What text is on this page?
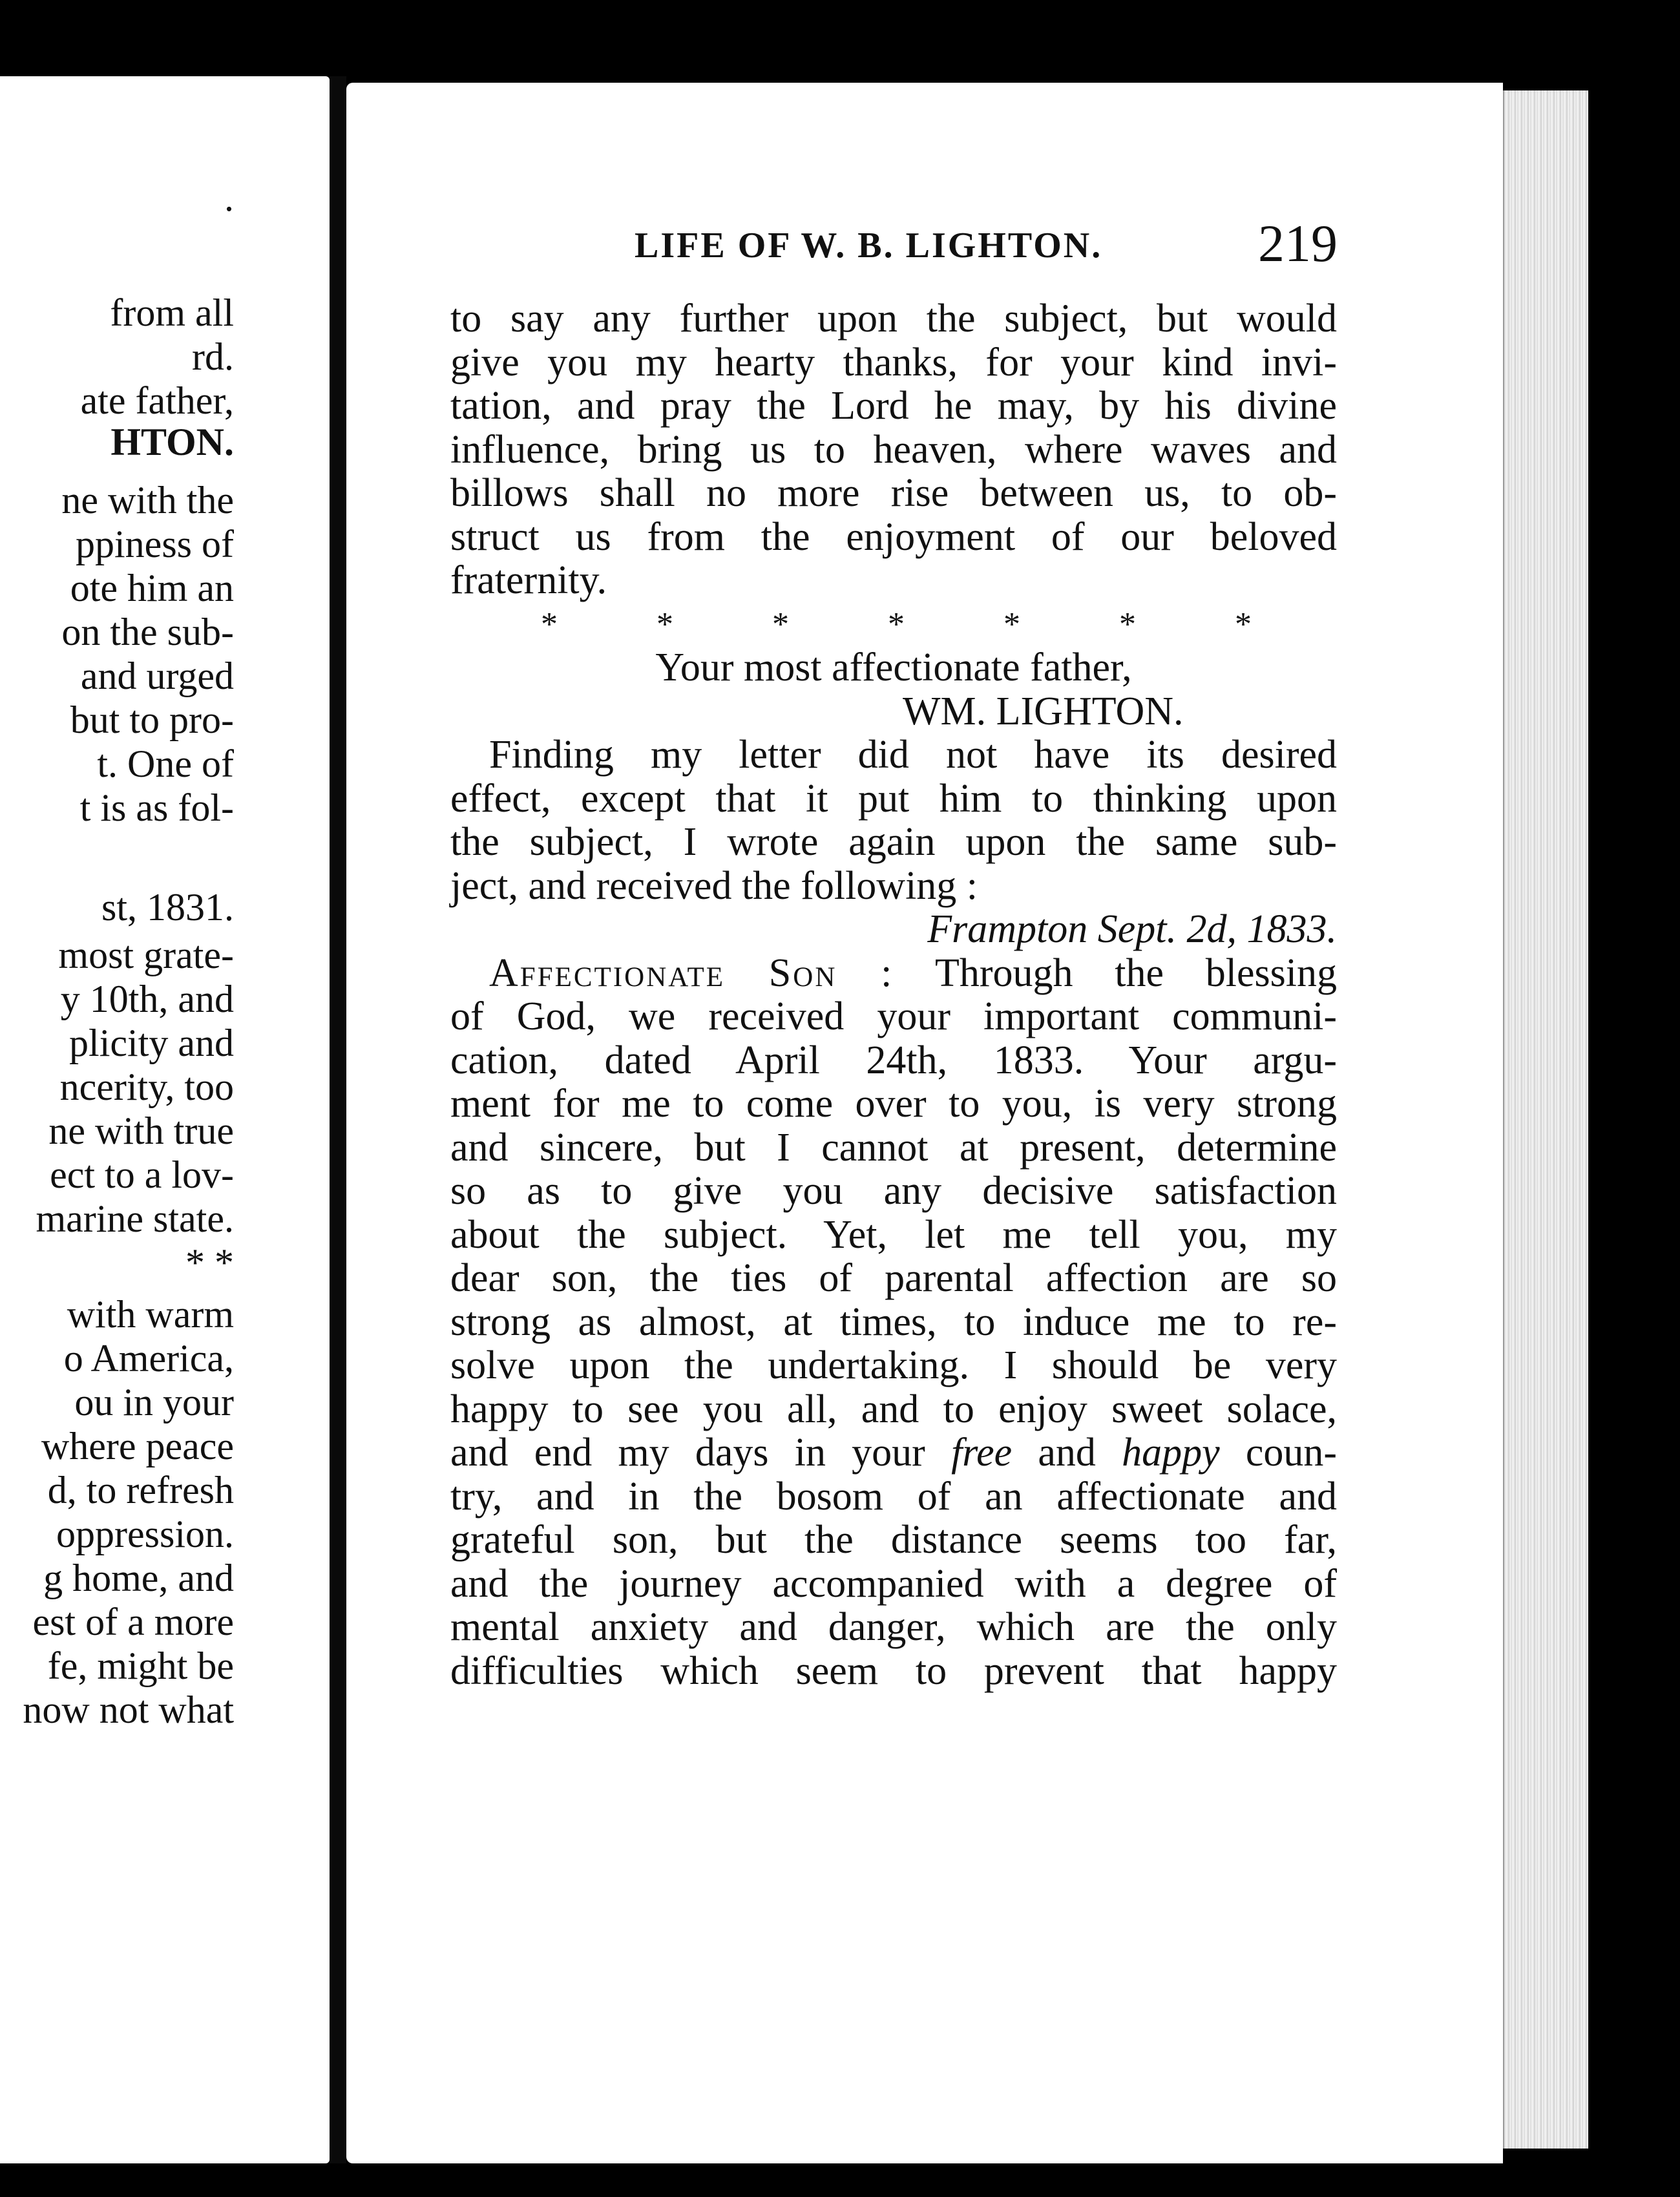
.
from all
rd.
ate father,
HTON.
ne with the
ppiness of
ote him an
on the sub-
and urged
but to pro-
t. One of
t is as fol-
st, 1831.
most grate-
y 10th, and
plicity and
ncerity, too
ne with true
ect to a lov-
marine state.
* *
with warm
o America,
ou in your
where peace
d, to refresh
oppression.
g home, and
est of a more
fe, might be
now not what
LIFE OF W. B. LIGHTON.	219
to say any further upon the subject, but would
give you my hearty thanks, for your kind invi-
tation, and pray the Lord he may, by his divine
influence, bring us to heaven, where waves and
billows shall no more rise between us, to ob-
struct us from the enjoyment of our beloved
fraternity.
*	*	*	*	*	*	*
Your most affectionate father,
WM. LIGHTON.
Finding my letter did not have its desired
effect, except that it put him to thinking upon
the subject, I wrote again upon the same sub-
ject, and received the following :
Frampton Sept. 2d, 1833.
Affectionate Son : Through the blessing
of God, we received your important communi-
cation, dated April 24th, 1833. Your argu-
ment for me to come over to you, is very strong
and sincere, but I cannot at present, determine
so as to give you any decisive satisfaction
about the subject. Yet, let me tell you, my
dear son, the ties of parental affection are so
strong as almost, at times, to induce me to re-
solve upon the undertaking. I should be very
happy to see you all, and to enjoy sweet solace,
and end my days in your free and happy coun-
try, and in the bosom of an affectionate and
grateful son, but the distance seems too far,
and the journey accompanied with a degree of
mental anxiety and danger, which are the only
difficulties which seem to prevent that happy
